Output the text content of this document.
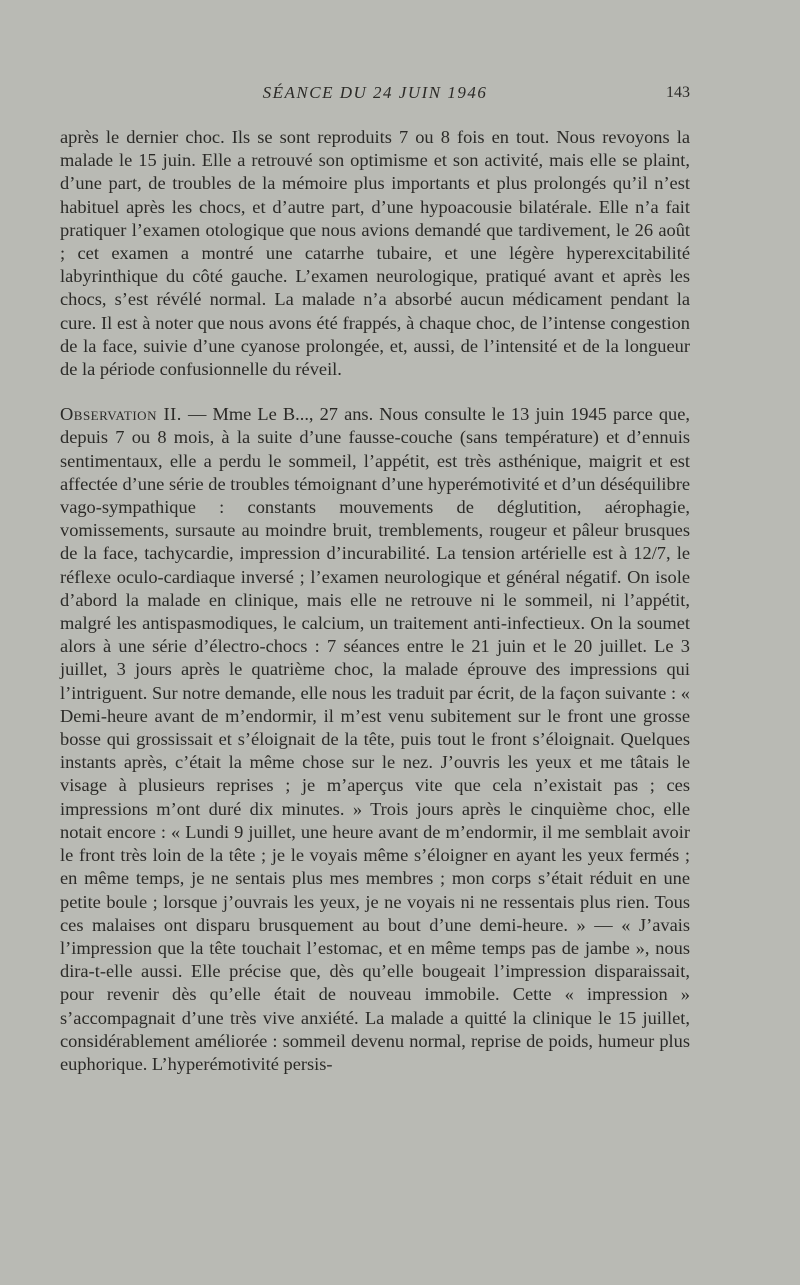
SÉANCE DU 24 JUIN 1946	143

après le dernier choc. Ils se sont reproduits 7 ou 8 fois en tout. Nous revoyons la malade le 15 juin. Elle a retrouvé son optimisme et son activité, mais elle se plaint, d’une part, de troubles de la mémoire plus importants et plus prolongés qu’il n’est habituel après les chocs, et d’autre part, d’une hypoacousie bilatérale. Elle n’a fait pratiquer l’examen otologique que nous avions demandé que tardivement, le 26 août ; cet examen a montré une catarrhe tubaire, et une légère hyperexcitabilité labyrinthique du côté gauche. L’examen neurologique, pratiqué avant et après les chocs, s’est révélé normal. La malade n’a absorbé aucun médicament pendant la cure. Il est à noter que nous avons été frappés, à chaque choc, de l’intense congestion de la face, suivie d’une cyanose prolongée, et, aussi, de l’intensité et de la longueur de la période confusionnelle du réveil.

Observation II. — Mme Le B..., 27 ans. Nous consulte le 13 juin 1945 parce que, depuis 7 ou 8 mois, à la suite d’une fausse-couche (sans température) et d’ennuis sentimentaux, elle a perdu le sommeil, l’appétit, est très asthénique, maigrit et est affectée d’une série de troubles témoignant d’une hyperémotivité et d’un déséquilibre vago-sympathique : constants mouvements de déglutition, aérophagie, vomissements, sursaute au moindre bruit, tremblements, rougeur et pâleur brusques de la face, tachycardie, impression d’incurabilité. La tension artérielle est à 12/7, le réflexe oculo-cardiaque inversé ; l’examen neurologique et général négatif. On isole d’abord la malade en clinique, mais elle ne retrouve ni le sommeil, ni l’appétit, malgré les antispasmodiques, le calcium, un traitement anti-infectieux. On la soumet alors à une série d’électro-chocs : 7 séances entre le 21 juin et le 20 juillet. Le 3 juillet, 3 jours après le quatrième choc, la malade éprouve des impressions qui l’intriguent. Sur notre demande, elle nous les traduit par écrit, de la façon suivante : « Demi-heure avant de m’endormir, il m’est venu subitement sur le front une grosse bosse qui grossissait et s’éloignait de la tête, puis tout le front s’éloignait. Quelques instants après, c’était la même chose sur le nez. J’ouvris les yeux et me tâtais le visage à plusieurs reprises ; je m’aperçus vite que cela n’existait pas ; ces impressions m’ont duré dix minutes. » Trois jours après le cinquième choc, elle notait encore : « Lundi 9 juillet, une heure avant de m’endormir, il me semblait avoir le front très loin de la tête ; je le voyais même s’éloigner en ayant les yeux fermés ; en même temps, je ne sentais plus mes membres ; mon corps s’était réduit en une petite boule ; lorsque j’ouvrais les yeux, je ne voyais ni ne ressentais plus rien. Tous ces malaises ont disparu brusquement au bout d’une demi-heure. » — « J’avais l’impression que la tête touchait l’estomac, et en même temps pas de jambe », nous dira-t-elle aussi. Elle précise que, dès qu’elle bougeait l’impression disparaissait, pour revenir dès qu’elle était de nouveau immobile. Cette « impression » s’accompagnait d’une très vive anxiété. La malade a quitté la clinique le 15 juillet, considérablement améliorée : sommeil devenu normal, reprise de poids, humeur plus euphorique. L’hyperémotivité persis-
